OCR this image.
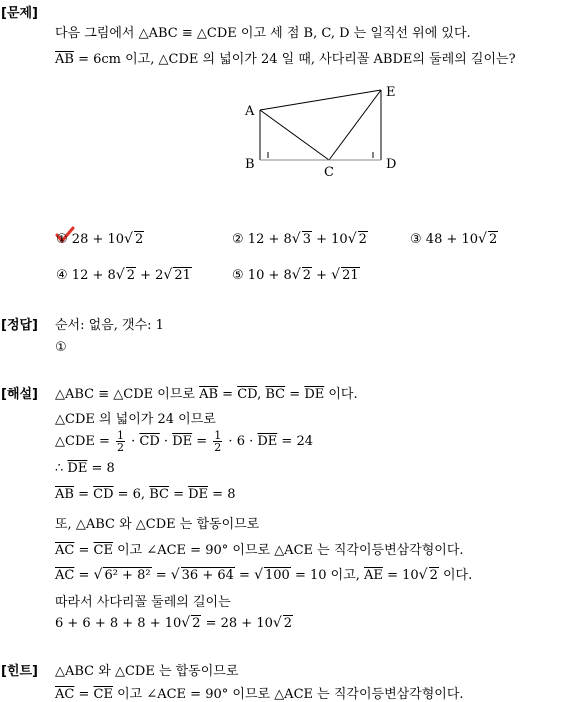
[문제]
다음 그림에서 △ABC ≡ △CDE 이고 세 점 B, C, D 는 일직선 위에 있다.
$\overline{AB} = 6cm$ 이고, △CDE 의 넓이가 24 일 때, 사다리꼴 ABDE의 둘레의 길이는?
A
B
C
D
E
① 28 + 10√ 2	② 12 + 8√ 3 + 10√ 2	③ 48 + 10√ 2
④ 12 + 8√ 2 + 2√ 21	⑤ 10 + 8√ 2 + √ 21
[정답] 순서: 없음, 갯수: 1
①
[해설] △ABC ≡ △CDE 이므로 $\overline{AB} = \overline{CD}$, $\overline{BC} = \overline{DE}$ 이다.
△CDE 의 넓이가 24 이므로
△CDE = $\frac{1}{2} \cdot \overline{CD} \cdot \overline{DE} = \frac{1}{2} \cdot 6 \cdot \overline{DE} = 24$
∴ $\overline{DE} = 8$
$\overline{AB} = \overline{CD} = 6$, $\overline{BC} = \overline{DE} = 8$
또, △ABC 와 △CDE 는 합동이므로
$\overline{AC} = \overline{CE}$ 이고 ∠ACE = 90° 이므로 △ACE 는 직각이등변삼각형이다.
$\overline{AC}$ = √ 6² + 8² = √ 36 + 64 = √ 100 = 10 이고, $\overline{AE} = 10√$ 2 이다.
따라서 사다리꼴 둘레의 길이는
6 + 6 + 8 + 8 + 10√ 2 = 28 + 10√ 2
[힌트] △ABC 와 △CDE 는 합동이므로
$\overline{AC} = \overline{CE}$ 이고 ∠ACE = 90° 이므로 △ACE 는 직각이등변삼각형이다.
